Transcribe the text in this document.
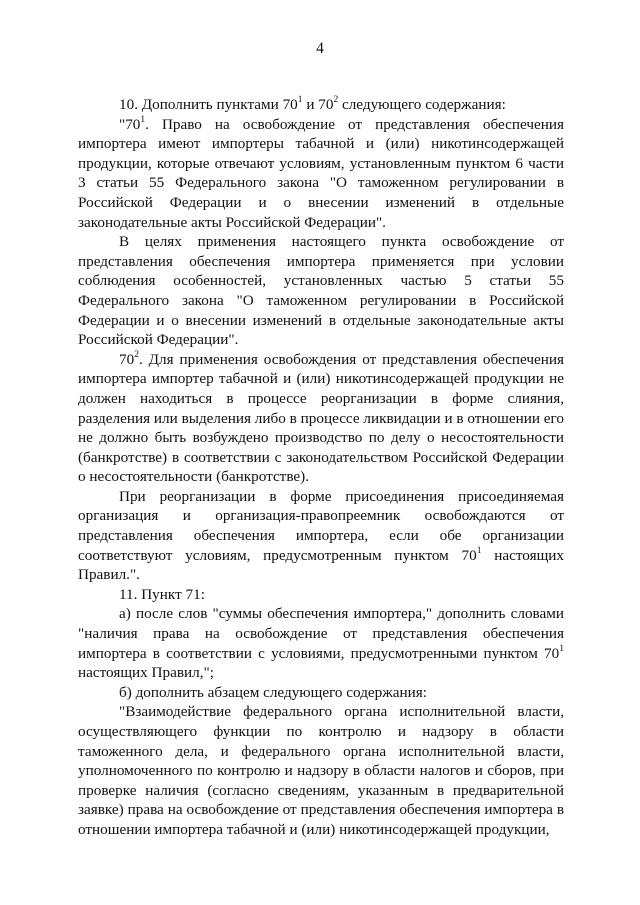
4

10. Дополнить пунктами $70^1$ и $70^2$ следующего содержания:

"$70^1$. Право на освобождение от представления обеспечения импортера имеют импортеры табачной и (или) никотинсодержащей продукции, которые отвечают условиям, установленным пунктом 6 части 3 статьи 55 Федерального закона "О таможенном регулировании в Российской Федерации и о внесении изменений в отдельные законодательные акты Российской Федерации".

В целях применения настоящего пункта освобождение от представления обеспечения импортера применяется при условии соблюдения особенностей, установленных частью 5 статьи 55 Федерального закона "О таможенном регулировании в Российской Федерации и о внесении изменений в отдельные законодательные акты Российской Федерации".

$70^2$. Для применения освобождения от представления обеспечения импортера импортер табачной и (или) никотинсодержащей продукции не должен находиться в процессе реорганизации в форме слияния, разделения или выделения либо в процессе ликвидации и в отношении его не должно быть возбуждено производство по делу о несостоятельности (банкротстве) в соответствии с законодательством Российской Федерации о несостоятельности (банкротстве).

При реорганизации в форме присоединения присоединяемая организация и организация-правопреемник освобождаются от представления обеспечения импортера, если обе организации соответствуют условиям, предусмотренным пунктом $70^1$ настоящих Правил.".

11. Пункт 71:

а) после слов "суммы обеспечения импортера," дополнить словами "наличия права на освобождение от представления обеспечения импортера в соответствии с условиями, предусмотренными пунктом $70^1$ настоящих Правил,";

б) дополнить абзацем следующего содержания:

"Взаимодействие федерального органа исполнительной власти, осуществляющего функции по контролю и надзору в области таможенного дела, и федерального органа исполнительной власти, уполномоченного по контролю и надзору в области налогов и сборов, при проверке наличия (согласно сведениям, указанным в предварительной заявке) права на освобождение от представления обеспечения импортера в отношении импортера табачной и (или) никотинсодержащей продукции,
